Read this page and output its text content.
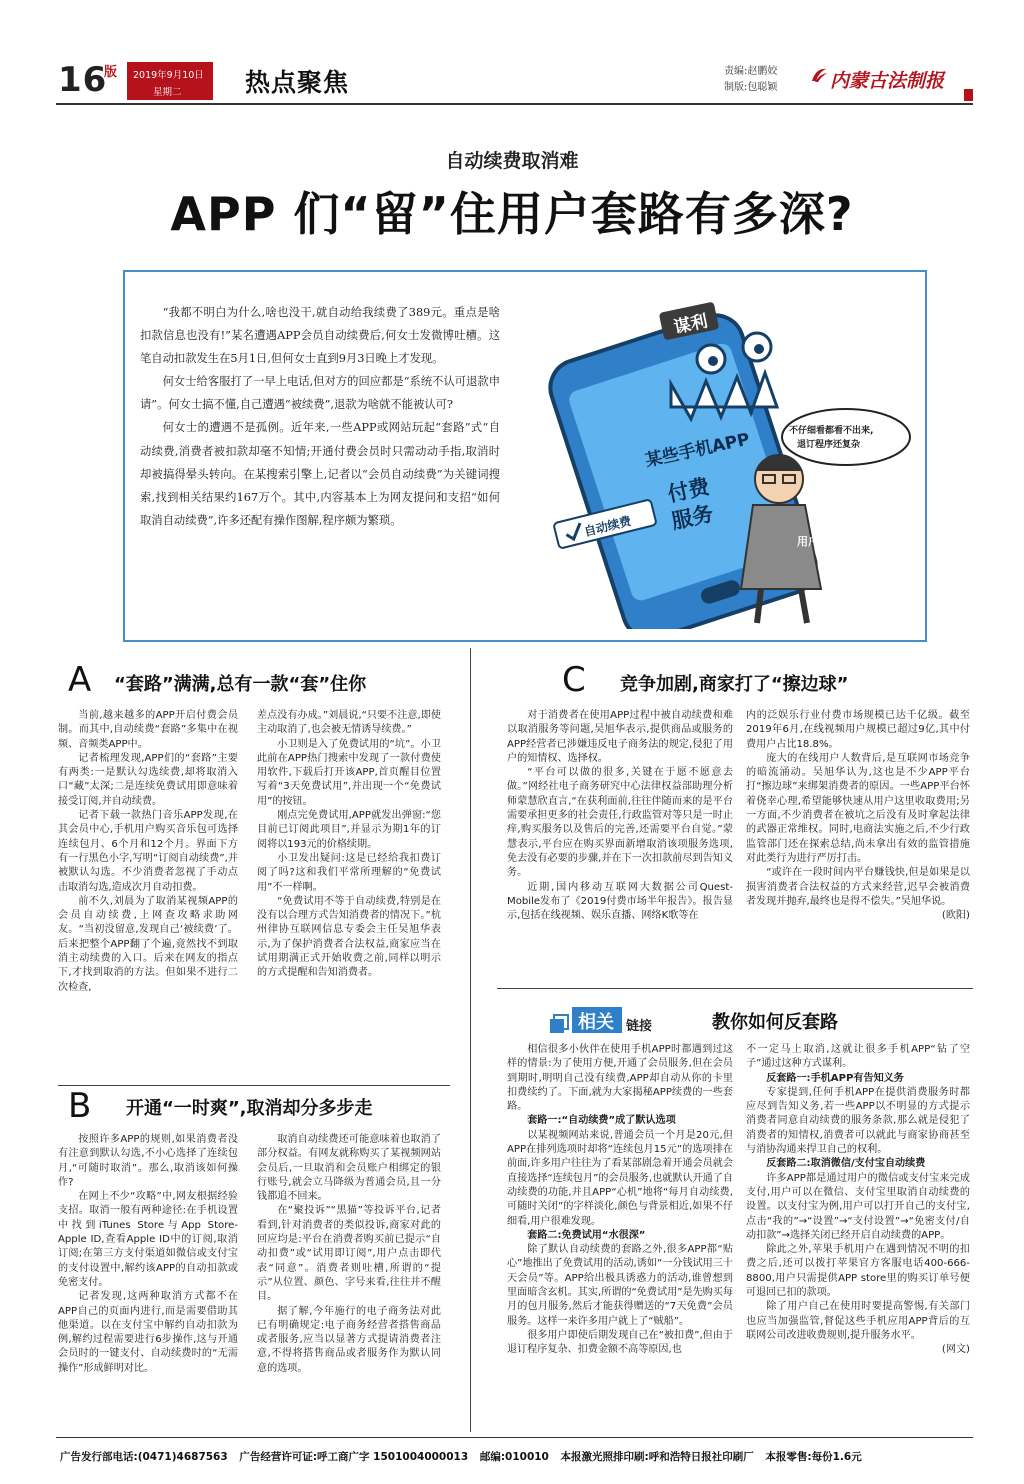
16
版	2019年9月10日
星期二	热点聚焦	责编:赵鹏姣
制版:包聪颖	内蒙古法制报
自动续费取消难
APP 们“留”住用户套路有多深?

“我都不明白为什么,啥也没干,就自动给我续费了389元。重点是啥扣款信息也没有!”某名遭遇APP会员自动续费后,何女士发微博吐槽。这笔自动扣款发生在5月1日,但何女士直到9月3日晚上才发现。

何女士给客服打了一早上电话,但对方的回应都是“系统不认可退款申请”。何女士搞不懂,自己遭遇“被续费”,退款为啥就不能被认可?

何女士的遭遇不是孤例。近年来,一些APP或网站玩起“套路”式“自动续费,消费者被扣款却毫不知情;开通付费会员时只需动动手指,取消时却被搞得晕头转向。在某搜索引擎上,记者以“会员自动续费”为关键词搜索,找到相关结果约167万个。其中,内容基本上为网友提问和支招“如何取消自动续费”,许多还配有操作图解,程序颇为繁琐。

谋利
某些手机APP
付费
服务
自动续费
不仔细看都看不出来,
退订程序还复杂
用户
A “套路”满满,总有一款“套”住你

当前,越来越多的APP开启付费会员制。而其中,自动续费“套路”多集中在视频、音频类APP中。

记者梳理发现,APP们的“套路”主要有两类:一是默认勾选续费,却将取消入口“藏”太深;二是连续免费试用即意味着接受订阅,并自动续费。

记者下载一款热门音乐APP发现,在其会员中心,手机用户购买音乐包可选择连续包月、6个月和12个月。界面下方有一行黑色小字,写明“订阅自动续费”,并被默认勾选。不少消费者忽视了手动点击取消勾选,造成次月自动扣费。

前不久,刘晨为了取消某视频APP的会员自动续费,上网查攻略求助网友。“当初没留意,发现自己‘被续费’了。后来把整个APP翻了个遍,竟然找不到取消主动续费的入口。后来在网友的指点下,才找到取消的方法。但如果不进行二次检查,

差点没有办成。”刘晨说,“只要不注意,即使主动取消了,也会被无情诱导续费。”

小卫则是入了免费试用的“坑”。小卫此前在APP热门搜索中发现了一款付费使用软件,下载后打开该APP,首页醒目位置写着“3天免费试用”,并出现一个“免费试用”的按钮。

刚点完免费试用,APP就发出弹窗:“您目前已订阅此项目”,并显示为期1年的订阅将以193元的价格续期。

小卫发出疑问:这是已经给我扣费订阅了吗?这和我们平常所理解的“免费试用”不一样啊。

“免费试用不等于自动续费,特别是在没有以合理方式告知消费者的情况下。”杭州律协互联网信息专委会主任吴旭华表示,为了保护消费者合法权益,商家应当在试用期满正式开始收费之前,同样以明示的方式提醒和告知消费者。

B 开通“一时爽”,取消却分多步走

按照许多APP的规则,如果消费者没有注意到默认勾选,不小心选择了连续包月,“可随时取消”。那么,取消该如何操作?

在网上不少“攻略”中,网友根据经验支招。取消一般有两种途径:在手机设置中找到iTunes Store与App Store-Apple ID,查看Apple ID中的订阅,取消订阅;在第三方支付渠道如微信或支付宝的支付设置中,解约该APP的自动扣款或免密支付。

记者发现,这两种取消方式都不在APP自己的页面内进行,而是需要借助其他渠道。以在支付宝中解约自动扣款为例,解约过程需要进行6步操作,这与开通会员时的一键支付、自动续费时的“无需操作”形成鲜明对比。

取消自动续费还可能意味着也取消了部分权益。有网友就称购买了某视频网站会员后,一旦取消和会员账户相绑定的银行账号,就会立马降级为普通会员,且一分钱都追不回来。

在“聚投诉”“黑猫”等投诉平台,记者看到,针对消费者的类似投诉,商家对此的回应均是:平台在消费者购买前已提示“自动扣费”或“试用即订阅”,用户点击即代表“同意”。消费者则吐槽,所谓的“提示”从位置、颜色、字号来看,往往并不醒目。

据了解,今年施行的电子商务法对此已有明确规定:电子商务经营者搭售商品或者服务,应当以显著方式提请消费者注意,不得将搭售商品或者服务作为默认同意的选项。

C 竞争加剧,商家打了“擦边球”

对于消费者在使用APP过程中被自动续费和难以取消服务等问题,吴旭华表示,提供商品或服务的APP经营者已涉嫌违反电子商务法的规定,侵犯了用户的知情权、选择权。

“平台可以做的很多,关键在于愿不愿意去做。”网经社电子商务研究中心法律权益部助理分析师蒙慧欣直言,“在获利面前,往往伴随而来的是平台需要承担更多的社会责任,行政监管对等只是一时止痒,购买服务以及售后的完善,还需要平台自觉。”蒙慧表示,平台应在购买界面新增取消该项服务选项,免去没有必要的步骤,并在下一次扣款前尽到告知义务。

近期,国内移动互联网大数据公司Quest-Mobile发布了《2019付费市场半年报告》。报告显示,包括在线视频、娱乐直播、网络K歌等在

内的泛娱乐行业付费市场规模已达千亿级。截至2019年6月,在线视频用户规模已超过9亿,其中付费用户占比18.8%。

庞大的在线用户人数背后,是互联网市场竞争的暗流涌动。吴旭华认为,这也是不少APP平台打“擦边球”来绑架消费者的原因。一些APP平台怀着侥幸心理,希望能够快速从用户这里收取费用;另一方面,不少消费者在被坑之后没有及时拿起法律的武器正常维权。同时,电商法实施之后,不少行政监管部门还在探索总结,尚未拿出有效的监管措施对此类行为进行严厉打击。

“或许在一段时间内平台赚钱快,但是如果是以损害消费者合法权益的方式来经营,迟早会被消费者发现并抛弃,最终也是得不偿失。”吴旭华说。

(欧阳)
相关 链接	教你如何反套路

相信很多小伙伴在使用手机APP时都遇到过这样的情景:为了使用方便,开通了会员服务,但在会员到期时,明明自己没有续费,APP却自动从你的卡里扣费续约了。下面,就为大家揭秘APP续费的一些套路。

套路一:“自动续费”成了默认选项

以某视频网站来说,普通会员一个月是20元,但APP在排列选项时却将“连续包月15元”的选项排在前面,许多用户往往为了看某部剧急着开通会员就会直接选择“连续包月”的会员服务,也就默认开通了自动续费的功能,并且APP“心机”地将“每月自动续费,可随时关闭”的字样淡化,颜色与背景相近,如果不仔细看,用户很难发现。

套路二:免费试用“水很深”

除了默认自动续费的套路之外,很多APP都“贴心”地推出了免费试用的活动,诱如“一分钱试用三十天会员”等。APP给出极具诱惑力的活动,谁曾想到里面暗含玄机。其实,所谓的“免费试用”是先购买每月的包月服务,然后才能获得赠送的“7天免费”会员服务。这样一来许多用户就上了“贼船”。

很多用户即使后期发现自己在“被扣费”,但由于退订程序复杂、扣费金额不高等原因,也

不一定马上取消,这就让很多手机APP“钻了空子”通过这种方式谋利。

反套路一:手机APP有告知义务

专家提到,任何手机APP在提供消费服务时都应尽到告知义务,若一些APP以不明显的方式提示消费者同意自动续费的服务条款,那么就是侵犯了消费者的知情权,消费者可以就此与商家协商甚至与消协沟通来捍卫自己的权利。

反套路二:取消微信/支付宝自动续费

许多APP都是通过用户的微信或支付宝来完成支付,用户可以在微信、支付宝里取消自动续费的设置。以支付宝为例,用户可以打开自己的支付宝,点击“我的”→“设置”→“支付设置”→“免密支付/自动扣款”→选择关闭已经开启自动续费的APP。

除此之外,苹果手机用户在遇到情况不明的扣费之后,还可以拨打苹果官方客服电话400-666-8800,用户只需提供APP store里的购买订单号便可退回已扣的款项。

除了用户自己在使用时要提高警惕,有关部门也应当加强监管,督促这些手机应用APP背后的互联网公司改进收费规则,提升服务水平。

(网文)
广告发行部电话:(0471)4687563 广告经营许可证:呼工商广字 1501004000013 邮编:010010 本报激光照排印刷:呼和浩特日报社印刷厂 本报零售:每份1.6元
